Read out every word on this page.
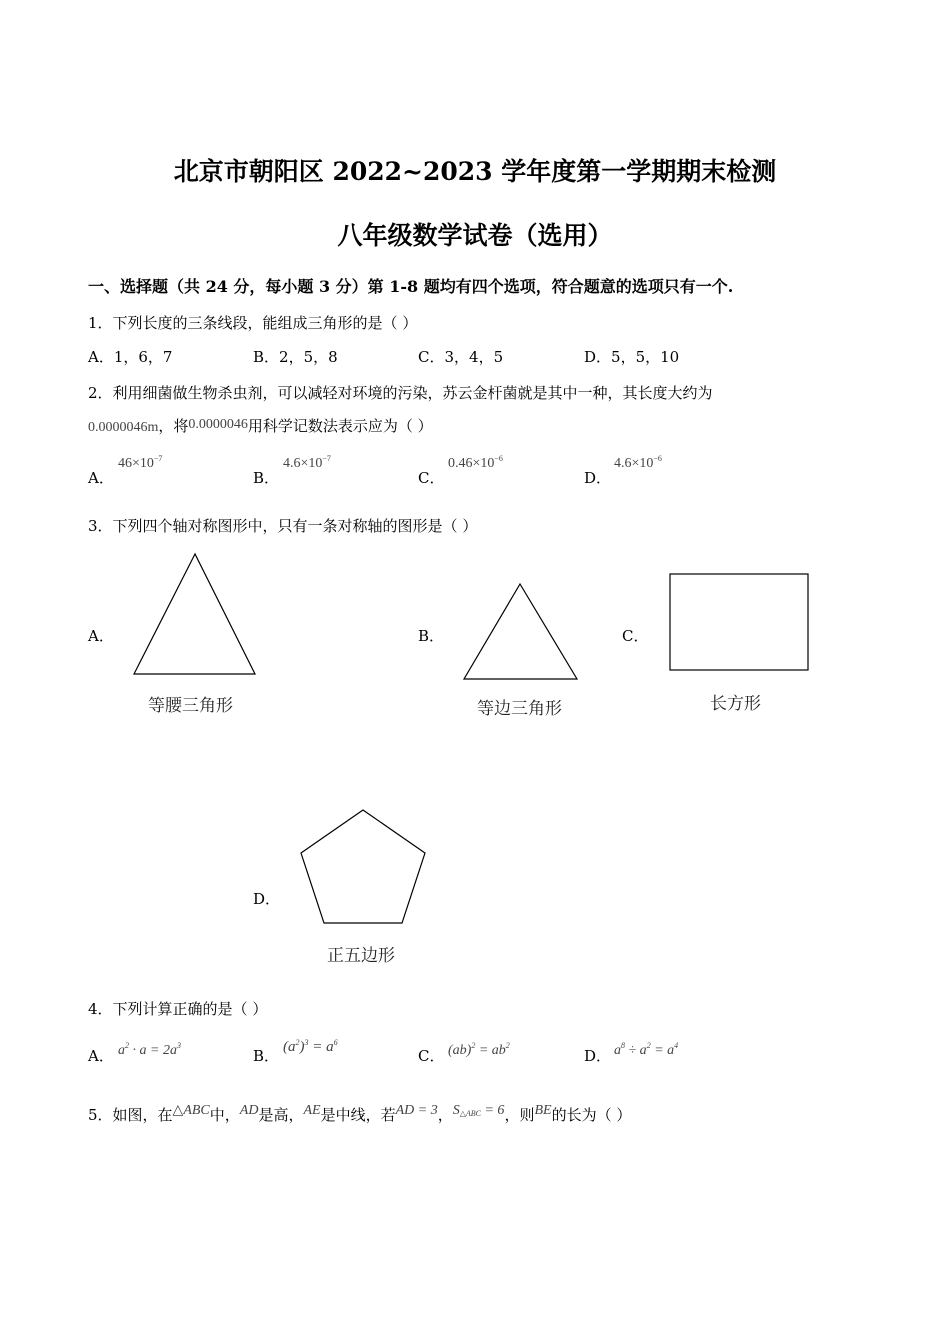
北京市朝阳区 2022~2023 学年度第一学期期末检测
八年级数学试卷（选用）
一、选择题（共 24 分，每小题 3 分）第 1-8 题均有四个选项，符合题意的选项只有一个.
1．下列长度的三条线段，能组成三角形的是（ ）
A．1，6，7	B．2，5，8	C．3，4，5	D．5，5，10
2．利用细菌做生物杀虫剂，可以减轻对环境的污染，苏云金杆菌就是其中一种，其长度大约为
0.0000046m，将0.0000046用科学记数法表示应为（ ）
A．
$46\times 10^{-7}$
B．
$4.6\times 10^{-7}$
C．
$0.46\times 10^{-6}$
D．
$4.6\times 10^{-6}$
3．下列四个轴对称图形中，只有一条对称轴的图形是（ ）
A．
等腰三角形
B．
等边三角形
C．
长方形
D．
正五边形
4．下列计算正确的是（ ）
A． $a^2 \cdot a = 2a^3$
B． $(a^2)^3 = a^6$
C． $(ab)^2 = ab^2$
D． $a^8 \div a^2 = a^4$
5．如图，在△ABC中，AD是高，AE是中线，若AD = 3，$S_{\triangle ABC} = 6$，则BE的长为（ ）
